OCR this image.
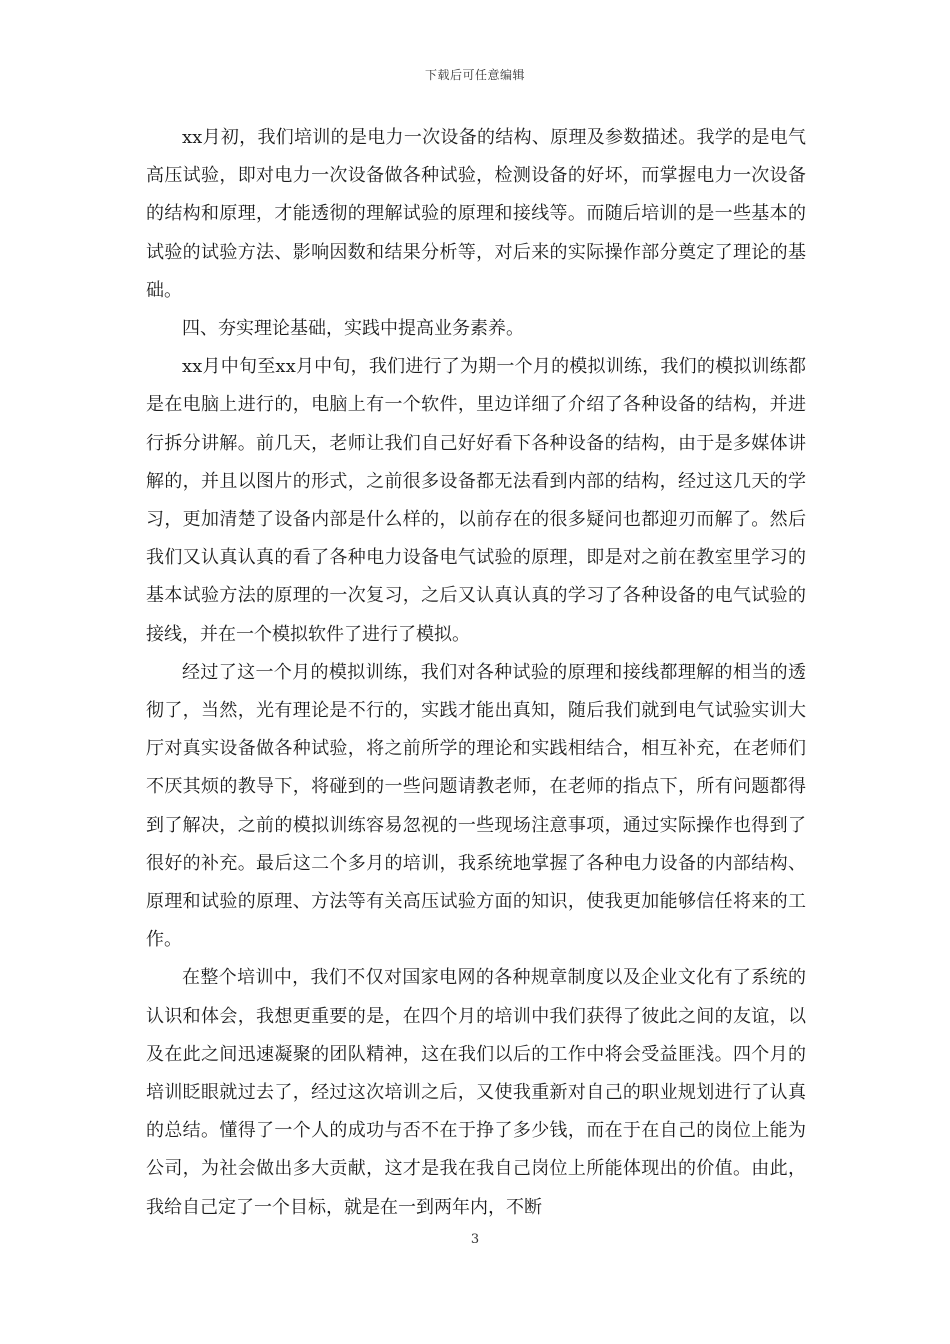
下载后可任意编辑

xx月初，我们培训的是电力一次设备的结构、原理及参数描述。我学的是电气高压试验，即对电力一次设备做各种试验，检测设备的好坏，而掌握电力一次设备的结构和原理，才能透彻的理解试验的原理和接线等。而随后培训的是一些基本的试验的试验方法、影响因数和结果分析等，对后来的实际操作部分奠定了理论的基础。

四、夯实理论基础，实践中提高业务素养。

xx月中旬至xx月中旬，我们进行了为期一个月的模拟训练，我们的模拟训练都是在电脑上进行的，电脑上有一个软件，里边详细了介绍了各种设备的结构，并进行拆分讲解。前几天，老师让我们自己好好看下各种设备的结构，由于是多媒体讲解的，并且以图片的形式，之前很多设备都无法看到内部的结构，经过这几天的学习，更加清楚了设备内部是什么样的，以前存在的很多疑问也都迎刃而解了。然后我们又认真认真的看了各种电力设备电气试验的原理，即是对之前在教室里学习的基本试验方法的原理的一次复习，之后又认真认真的学习了各种设备的电气试验的接线，并在一个模拟软件了进行了模拟。

经过了这一个月的模拟训练，我们对各种试验的原理和接线都理解的相当的透彻了，当然，光有理论是不行的，实践才能出真知，随后我们就到电气试验实训大厅对真实设备做各种试验，将之前所学的理论和实践相结合，相互补充，在老师们不厌其烦的教导下，将碰到的一些问题请教老师，在老师的指点下，所有问题都得到了解决，之前的模拟训练容易忽视的一些现场注意事项，通过实际操作也得到了很好的补充。最后这二个多月的培训，我系统地掌握了各种电力设备的内部结构、原理和试验的原理、方法等有关高压试验方面的知识，使我更加能够信任将来的工作。

在整个培训中，我们不仅对国家电网的各种规章制度以及企业文化有了系统的认识和体会，我想更重要的是，在四个月的培训中我们获得了彼此之间的友谊，以及在此之间迅速凝聚的团队精神，这在我们以后的工作中将会受益匪浅。四个月的培训眨眼就过去了，经过这次培训之后，又使我重新对自己的职业规划进行了认真的总结。懂得了一个人的成功与否不在于挣了多少钱，而在于在自己的岗位上能为公司，为社会做出多大贡献，这才是我在我自己岗位上所能体现出的价值。由此，我给自己定了一个目标，就是在一到两年内，不断

3
